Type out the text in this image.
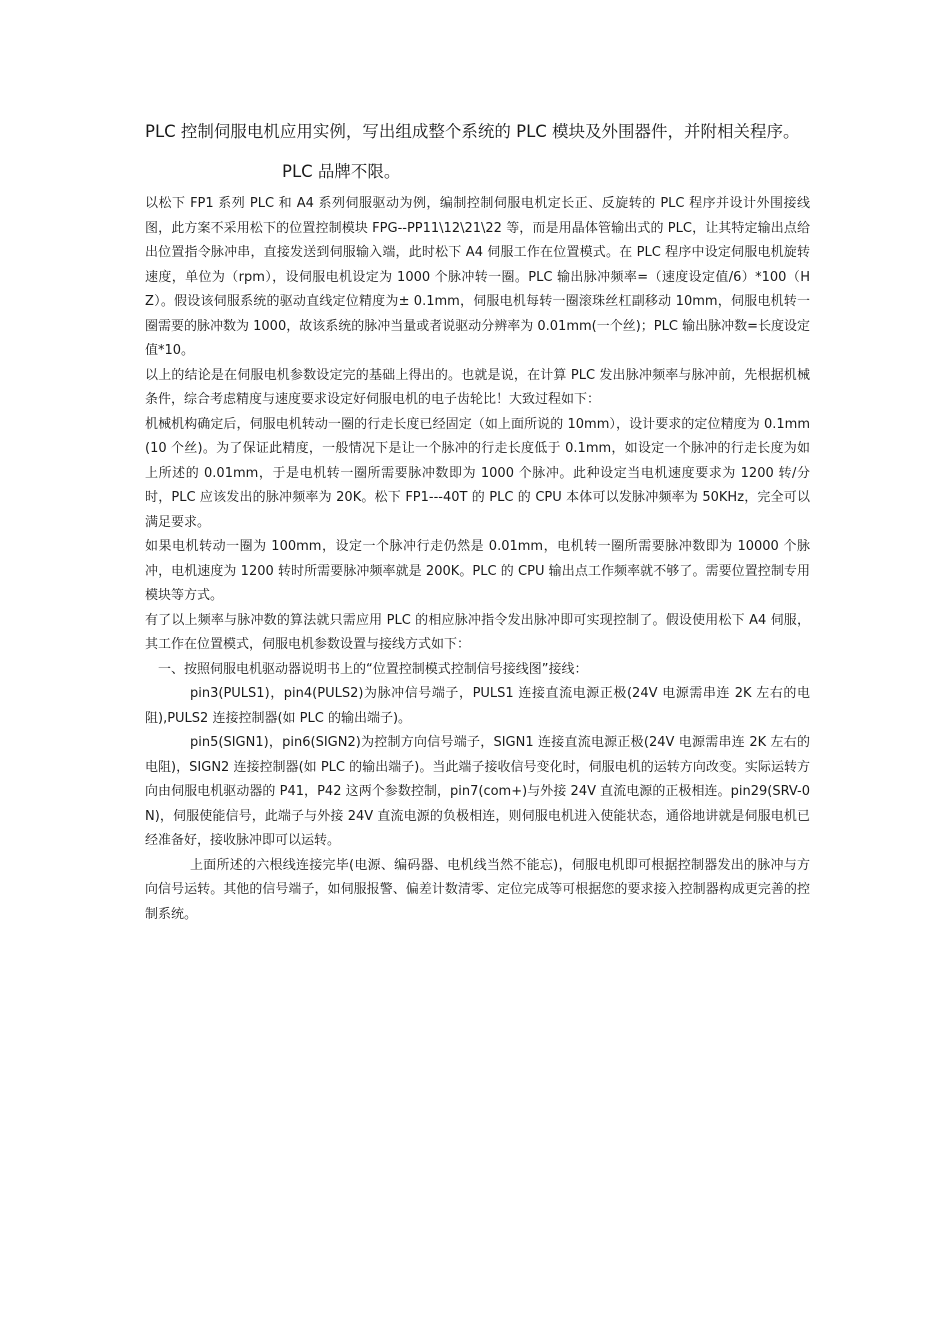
PLC 控制伺服电机应用实例，写出组成整个系统的 PLC 模块及外围器件，并附相关程序。
PLC 品牌不限。

以松下 FP1 系列 PLC 和 A4 系列伺服驱动为例，编制控制伺服电机定长正、反旋转的 PLC 程序并设计外围接线图，此方案不采用松下的位置控制模块 FPG--PP11\12\21\22 等，而是用晶体管输出式的 PLC，让其特定输出点给出位置指令脉冲串，直接发送到伺服输入端，此时松下 A4 伺服工作在位置模式。在 PLC 程序中设定伺服电机旋转速度，单位为（rpm），设伺服电机设定为 1000 个脉冲转一圈。PLC 输出脉冲频率=（速度设定值/6）*100（HZ）。假设该伺服系统的驱动直线定位精度为± 0.1mm，伺服电机每转一圈滚珠丝杠副移动 10mm，伺服电机转一圈需要的脉冲数为 1000，故该系统的脉冲当量或者说驱动分辨率为 0.01mm(一个丝)；PLC 输出脉冲数=长度设定值*10。

以上的结论是在伺服电机参数设定完的基础上得出的。也就是说，在计算 PLC 发出脉冲频率与脉冲前，先根据机械条件，综合考虑精度与速度要求设定好伺服电机的电子齿轮比！大致过程如下：

机械机构确定后，伺服电机转动一圈的行走长度已经固定（如上面所说的 10mm），设计要求的定位精度为 0.1mm(10 个丝)。为了保证此精度，一般情况下是让一个脉冲的行走长度低于 0.1mm，如设定一个脉冲的行走长度为如上所述的 0.01mm，于是电机转一圈所需要脉冲数即为 1000 个脉冲。此种设定当电机速度要求为 1200 转/分时，PLC 应该发出的脉冲频率为 20K。松下 FP1---40T 的 PLC 的 CPU 本体可以发脉冲频率为 50KHz，完全可以满足要求。

如果电机转动一圈为 100mm，设定一个脉冲行走仍然是 0.01mm，电机转一圈所需要脉冲数即为 10000 个脉冲，电机速度为 1200 转时所需要脉冲频率就是 200K。PLC 的 CPU 输出点工作频率就不够了。需要位置控制专用模块等方式。

有了以上频率与脉冲数的算法就只需应用 PLC 的相应脉冲指令发出脉冲即可实现控制了。假设使用松下 A4 伺服，其工作在位置模式，伺服电机参数设置与接线方式如下：

一、按照伺服电机驱动器说明书上的“位置控制模式控制信号接线图”接线：

pin3(PULS1)，pin4(PULS2)为脉冲信号端子，PULS1 连接直流电源正极(24V 电源需串连 2K 左右的电阻),PULS2 连接控制器(如 PLC 的输出端子)。

pin5(SIGN1)，pin6(SIGN2)为控制方向信号端子，SIGN1 连接直流电源正极(24V 电源需串连 2K 左右的电阻)，SIGN2 连接控制器(如 PLC 的输出端子)。当此端子接收信号变化时，伺服电机的运转方向改变。实际运转方向由伺服电机驱动器的 P41，P42 这两个参数控制，pin7(com+)与外接 24V 直流电源的正极相连。pin29(SRV-0N)，伺服使能信号，此端子与外接 24V 直流电源的负极相连，则伺服电机进入使能状态，通俗地讲就是伺服电机已经准备好，接收脉冲即可以运转。

上面所述的六根线连接完毕(电源、编码器、电机线当然不能忘)，伺服电机即可根据控制器发出的脉冲与方向信号运转。其他的信号端子，如伺服报警、偏差计数清零、定位完成等可根据您的要求接入控制器构成更完善的控制系统。
